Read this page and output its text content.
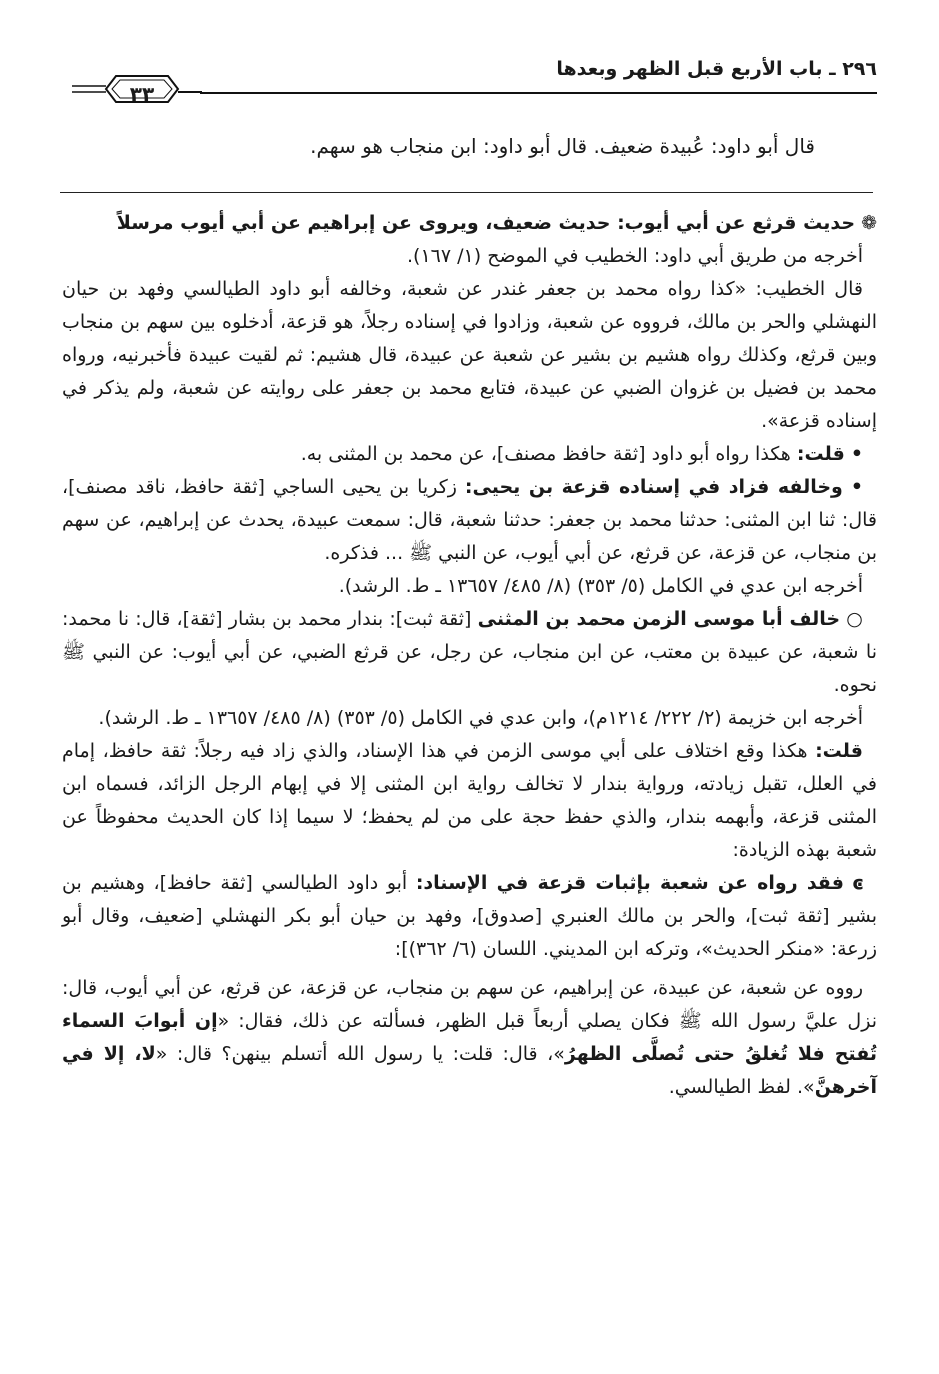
٢٩٦ ـ باب الأربع قبل الظهر وبعدها
٣٣
قال أبو داود: عُبيدة ضعيف. قال أبو داود: ابن منجاب هو سهم.

❁ حديث قرثع عن أبي أيوب: حديث ضعيف، ويروى عن إبراهيم عن أبي أيوب مرسلاً

أخرجه من طريق أبي داود: الخطيب في الموضح (١/ ١٦٧).

قال الخطيب: «كذا رواه محمد بن جعفر غندر عن شعبة، وخالفه أبو داود الطيالسي وفهد بن حيان النهشلي والحر بن مالك، فرووه عن شعبة، وزادوا في إسناده رجلاً، هو قزعة، أدخلوه بين سهم بن منجاب وبين قرثع، وكذلك رواه هشيم بن بشير عن شعبة عن عبيدة، قال هشيم: ثم لقيت عبيدة فأخبرنيه، ورواه محمد بن فضيل بن غزوان الضبي عن عبيدة، فتابع محمد بن جعفر على روايته عن شعبة، ولم يذكر في إسناده قزعة».

• قلت: هكذا رواه أبو داود [ثقة حافظ مصنف]، عن محمد بن المثنى به.

• وخالفه فزاد في إسناده قزعة بن يحيى: زكريا بن يحيى الساجي [ثقة حافظ، ناقد مصنف]، قال: ثنا ابن المثنى: حدثنا محمد بن جعفر: حدثنا شعبة، قال: سمعت عبيدة، يحدث عن إبراهيم، عن سهم بن منجاب، عن قزعة، عن قرثع، عن أبي أيوب، عن النبي ﷺ ... فذكره.

أخرجه ابن عدي في الكامل (٥/ ٣٥٣) (٨/ ٤٨٥/ ١٣٦٥٧ ـ ط. الرشد).

○ خالف أبا موسى الزمن محمد بن المثنى [ثقة ثبت]: بندار محمد بن بشار [ثقة]، قال: نا محمد: نا شعبة، عن عبيدة بن معتب، عن ابن منجاب، عن رجل، عن قرثع الضبي، عن أبي أيوب: عن النبي ﷺ نحوه.

أخرجه ابن خزيمة (٢/ ٢٢٢/ ١٢١٤م)، وابن عدي في الكامل (٥/ ٣٥٣) (٨/ ٤٨٥/ ١٣٦٥٧ ـ ط. الرشد).

قلت: هكذا وقع اختلاف على أبي موسى الزمن في هذا الإسناد، والذي زاد فيه رجلاً: ثقة حافظ، إمام في العلل، تقبل زيادته، ورواية بندار لا تخالف رواية ابن المثنى إلا في إبهام الرجل الزائد، فسماه ابن المثنى قزعة، وأبهمه بندار، والذي حفظ حجة على من لم يحفظ؛ لا سيما إذا كان الحديث محفوظاً عن شعبة بهذه الزيادة:

ͼ فقد رواه عن شعبة بإثبات قزعة في الإسناد: أبو داود الطيالسي [ثقة حافظ]، وهشيم بن بشير [ثقة ثبت]، والحر بن مالك العنبري [صدوق]، وفهد بن حيان أبو بكر النهشلي [ضعيف، وقال أبو زرعة: «منكر الحديث»، وتركه ابن المديني. اللسان (٦/ ٣٦٢)]:

رووه عن شعبة، عن عبيدة، عن إبراهيم، عن سهم بن منجاب، عن قزعة، عن قرثع، عن أبي أيوب، قال: نزل عليَّ رسول الله ﷺ فكان يصلي أربعاً قبل الظهر، فسألته عن ذلك، فقال: «إن أبوابَ السماء تُفتح فلا تُغلقُ حتى تُصلَّى الظهرُ»، قال: قلت: يا رسول الله أتسلم بينهن؟ قال: «لا، إلا في آخرهنَّ». لفظ الطيالسي.
